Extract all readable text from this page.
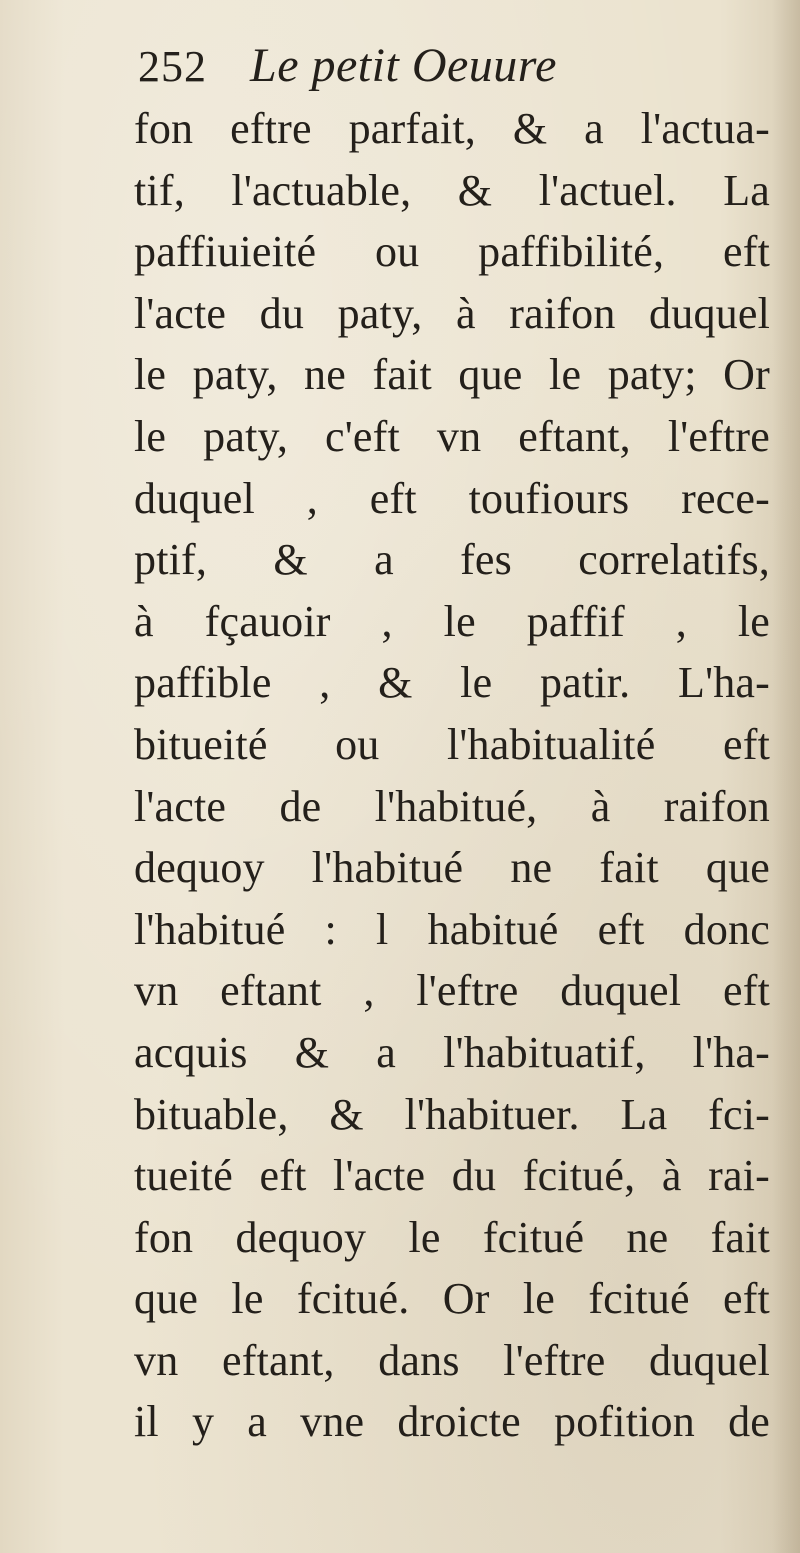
252 Le petit Oeuure
fon eftre parfait, & a l'actua-
tif, l'actuable, & l'actuel. La
paffiuieité ou paffibilité, eft
l'acte du paty, à raifon duquel
le paty, ne fait que le paty; Or
le paty, c'eft vn eftant, l'eftre
duquel , eft toufiours rece-
ptif, & a fes correlatifs,
à fçauoir , le paffif , le
paffible , & le patir. L'ha-
bitueité ou l'habitualité eft
l'acte de l'habitué, à raifon
dequoy l'habitué ne fait que
l'habitué : l habitué eft donc
vn eftant , l'eftre duquel eft
acquis & a l'habituatif, l'ha-
bituable, & l'habituer. La fci-
tueité eft l'acte du fcitué, à rai-
fon dequoy le fcitué ne fait
que le fcitué. Or le fcitué eft
vn eftant, dans l'eftre duquel
il y a vne droicte pofition de
